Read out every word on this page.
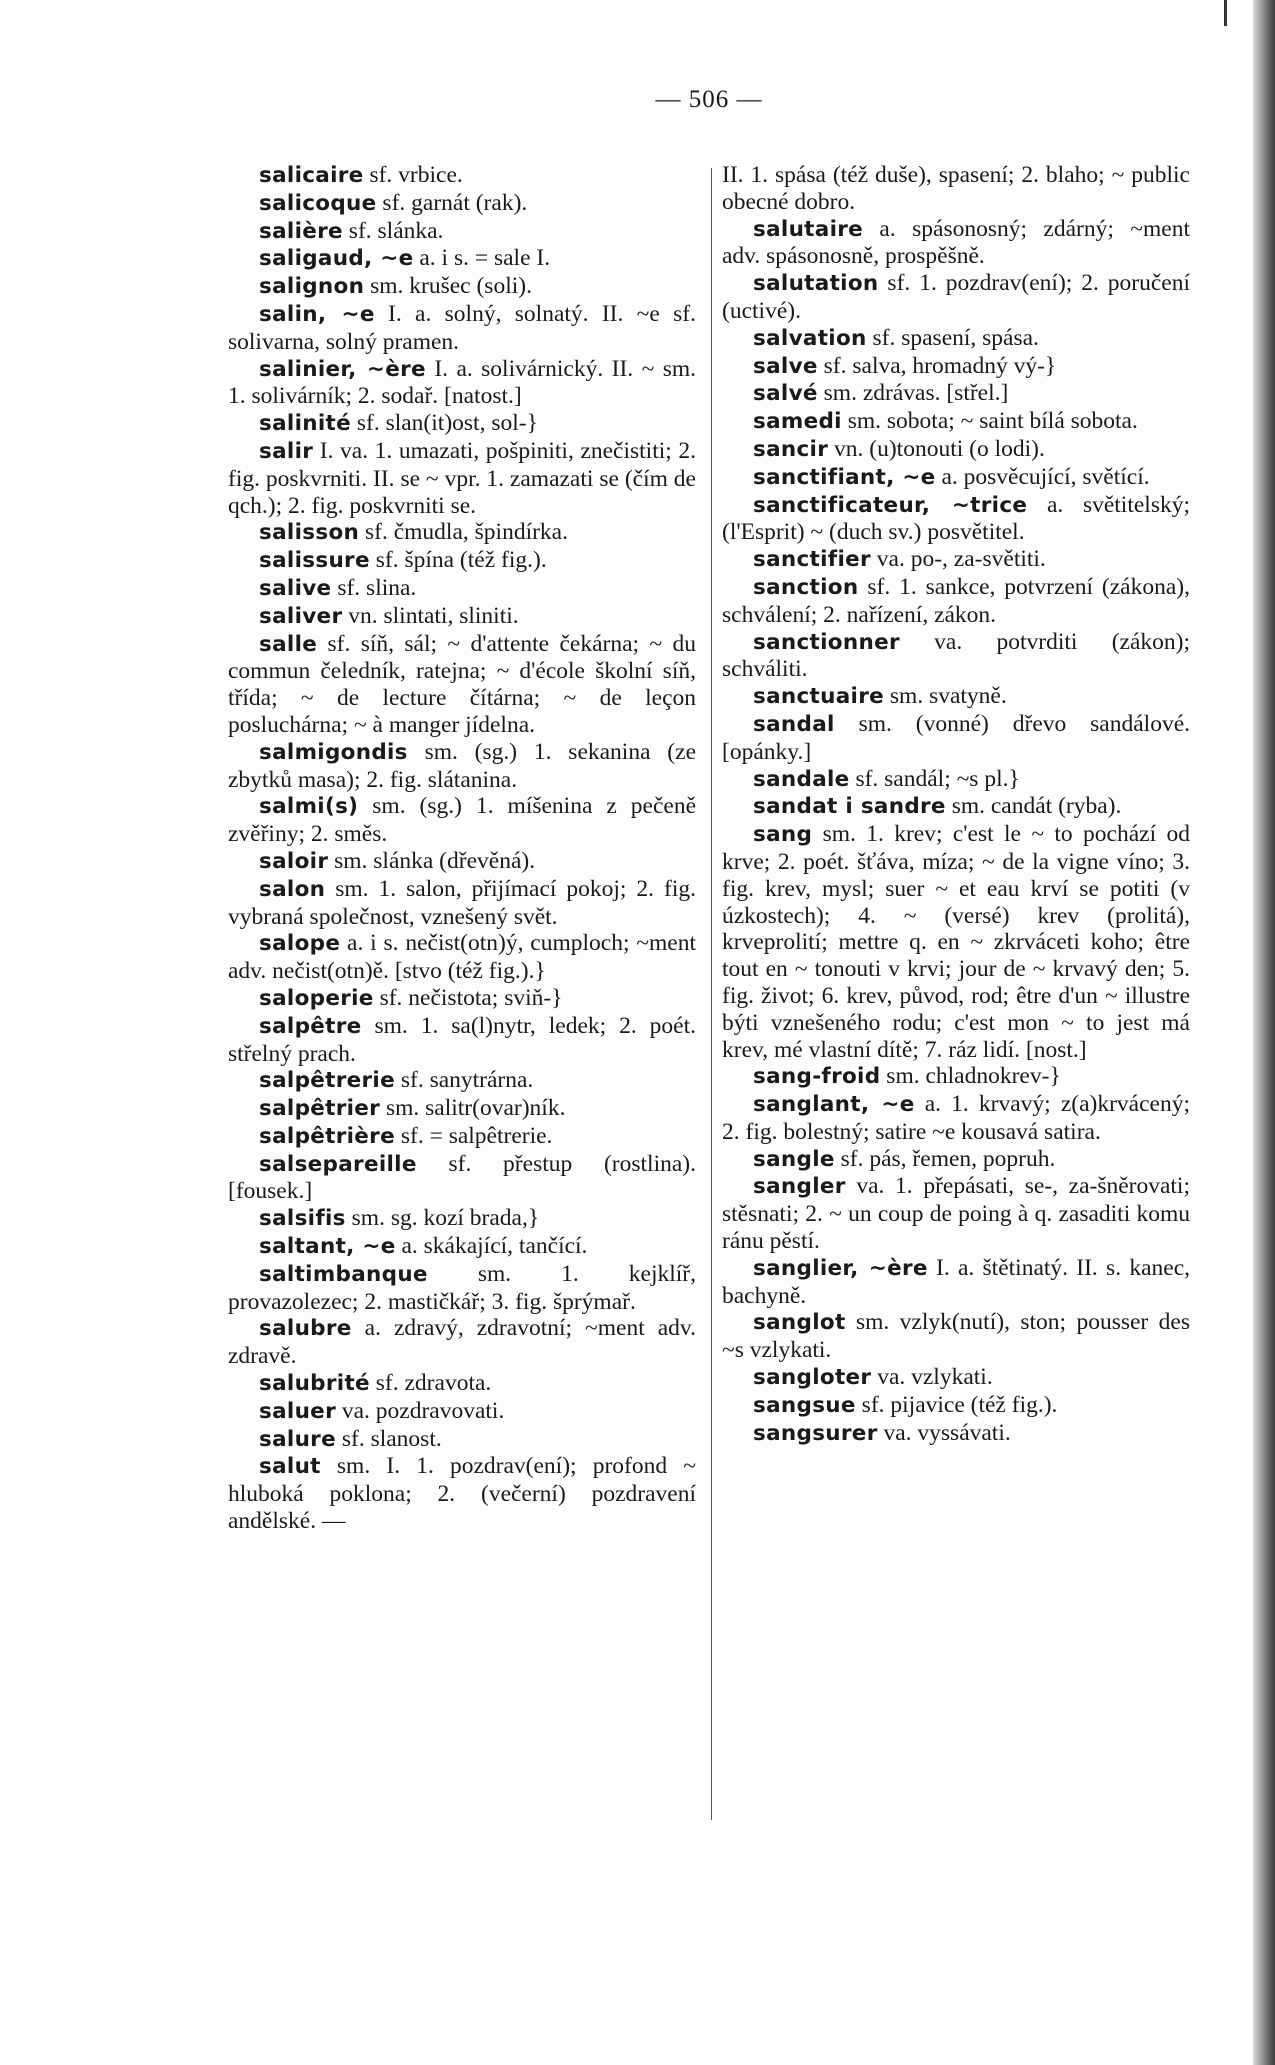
— 506 —

salicaire sf. vrbice.

salicoque sf. garnát (rak).

salière sf. slánka.

saligaud, ~e a. i s. = sale I.

salignon sm. krušec (soli).

salin, ~e I. a. solný, solnatý. II. ~e sf. solivarna, solný pramen.

salinier, ~ère I. a. solivárnický. II. ~ sm. 1. solivárník; 2. sodař. [natost.]

salinité sf. slan(it)ost, sol-}

salir I. va. 1. umazati, pošpiniti, znečistiti; 2. fig. poskvrniti. II. se ~ vpr. 1. zamazati se (čím de qch.); 2. fig. poskvrniti se.

salisson sf. čmudla, špindírka.

salissure sf. špína (též fig.).

salive sf. slina.

saliver vn. slintati, sliniti.

salle sf. síň, sál; ~ d'attente čekárna; ~ du commun čeledník, ratejna; ~ d'école školní síň, třída; ~ de lecture čítárna; ~ de leçon posluchárna; ~ à manger jídelna.

salmigondis sm. (sg.) 1. sekanina (ze zbytků masa); 2. fig. slátanina.

salmi(s) sm. (sg.) 1. míšenina z pečeně zvěřiny; 2. směs.

saloir sm. slánka (dřevěná).

salon sm. 1. salon, přijímací pokoj; 2. fig. vybraná společnost, vznešený svět.

salope a. i s. nečist(otn)ý, cumploch; ~ment adv. nečist(otn)ě. [stvo (též fig.).}

saloperie sf. nečistota; sviň-}

salpêtre sm. 1. sa(l)nytr, ledek; 2. poét. střelný prach.

salpêtrerie sf. sanytrárna.

salpêtrier sm. salitr(ovar)ník.

salpêtrière sf. = salpêtrerie.

salsepareille sf. přestup (rostlina). [fousek.]

salsifis sm. sg. kozí brada,}

saltant, ~e a. skákající, tančící.

saltimbanque sm. 1. kejklíř, provazolezec; 2. mastičkář; 3. fig. šprýmař.

salubre a. zdravý, zdravotní; ~ment adv. zdravě.

salubrité sf. zdravota.

saluer va. pozdravovati.

salure sf. slanost.

salut sm. I. 1. pozdrav(ení); profond ~ hluboká poklona; 2. (večerní) pozdravení andělské. —

II. 1. spása (též duše), spasení; 2. blaho; ~ public obecné dobro.

salutaire a. spásonosný; zdárný; ~ment adv. spásonosně, prospěšně.

salutation sf. 1. pozdrav(ení); 2. poručení (uctivé).

salvation sf. spasení, spása.

salve sf. salva, hromadný vý-}

salvé sm. zdrávas. [střel.]

samedi sm. sobota; ~ saint bílá sobota.

sancir vn. (u)tonouti (o lodi).

sanctifiant, ~e a. posvěcující, světící.

sanctificateur, ~trice a. světitelský; (l'Esprit) ~ (duch sv.) posvětitel.

sanctifier va. po-, za-světiti.

sanction sf. 1. sankce, potvrzení (zákona), schválení; 2. nařízení, zákon.

sanctionner va. potvrditi (zákon); schváliti.

sanctuaire sm. svatyně.

sandal sm. (vonné) dřevo sandálové. [opánky.]

sandale sf. sandál; ~s pl.}

sandat i sandre sm. candát (ryba).

sang sm. 1. krev; c'est le ~ to pochází od krve; 2. poét. šťáva, míza; ~ de la vigne víno; 3. fig. krev, mysl; suer ~ et eau krví se potiti (v úzkostech); 4. ~ (versé) krev (prolitá), krveprolití; mettre q. en ~ zkrváceti koho; être tout en ~ tonouti v krvi; jour de ~ krvavý den; 5. fig. život; 6. krev, původ, rod; être d'un ~ illustre býti vznešeného rodu; c'est mon ~ to jest má krev, mé vlastní dítě; 7. ráz lidí. [nost.]

sang-froid sm. chladnokrev-}

sanglant, ~e a. 1. krvavý; z(a)krvácený; 2. fig. bolestný; satire ~e kousavá satira.

sangle sf. pás, řemen, popruh.

sangler va. 1. přepásati, se-, za-šněrovati; stěsnati; 2. ~ un coup de poing à q. zasaditi komu ránu pěstí.

sanglier, ~ère I. a. štětinatý. II. s. kanec, bachyně.

sanglot sm. vzlyk(nutí), ston; pousser des ~s vzlykati.

sangloter va. vzlykati.

sangsue sf. pijavice (též fig.).

sangsurer va. vyssávati.
